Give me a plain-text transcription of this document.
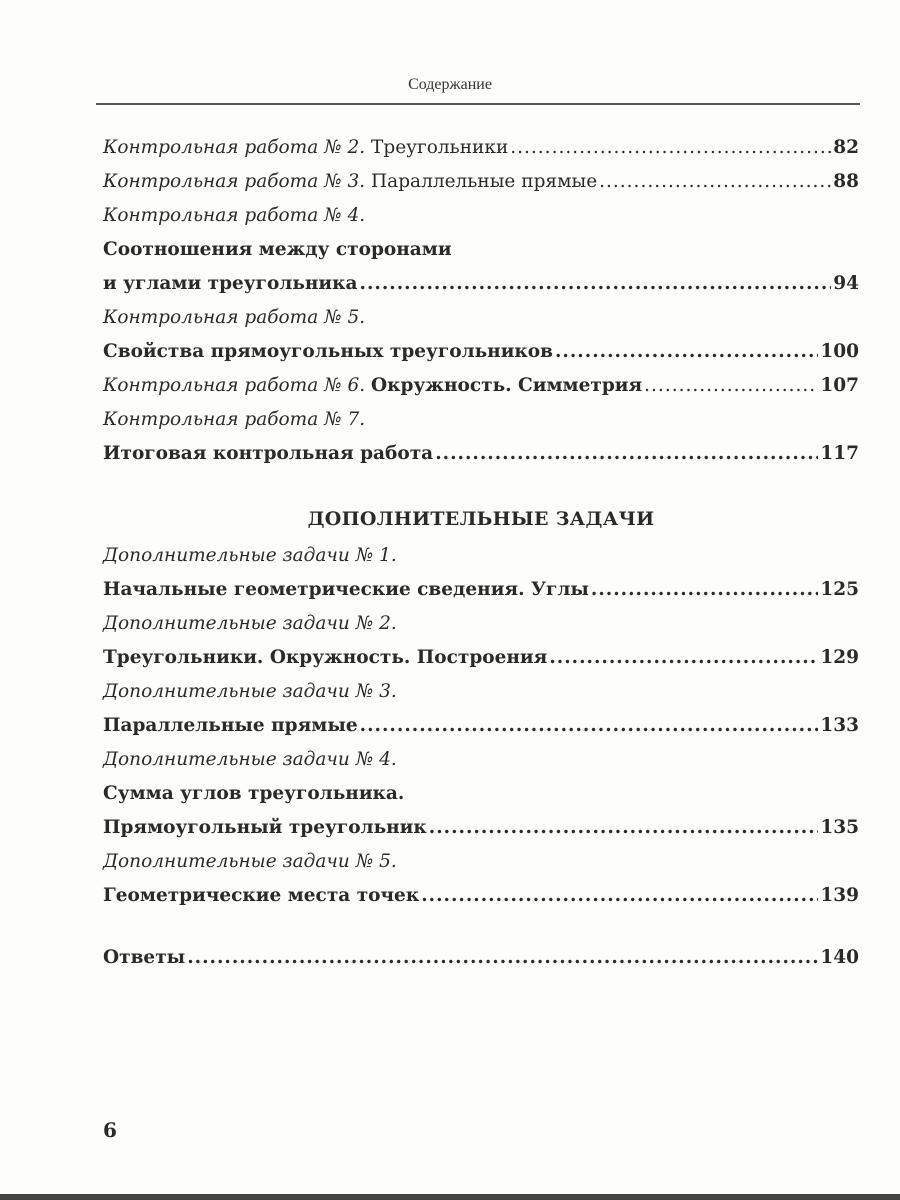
Содержание
Контрольная работа № 2.
Треугольники .....	82
Контрольная работа № 3.
Параллельные прямые .....	88
Контрольная работа № 4.
Соотношения между сторонами
и углами треугольника .....	94
Контрольная работа № 5.
Свойства прямоугольных треугольников .....	100
Контрольная работа № 6.
Окружность. Симметрия .....	107
Контрольная работа № 7.
Итоговая контрольная работа .....	117
ДОПОЛНИТЕЛЬНЫЕ ЗАДАЧИ
Дополнительные задачи № 1.
Начальные геометрические сведения. Углы .....	125
Дополнительные задачи № 2.
Треугольники. Окружность. Построения .....	129
Дополнительные задачи № 3.
Параллельные прямые .....	133
Дополнительные задачи № 4.
Сумма углов треугольника.
Прямоугольный треугольник .....	135
Дополнительные задачи № 5.
Геометрические места точек .....	139
Ответы .....	140
6
